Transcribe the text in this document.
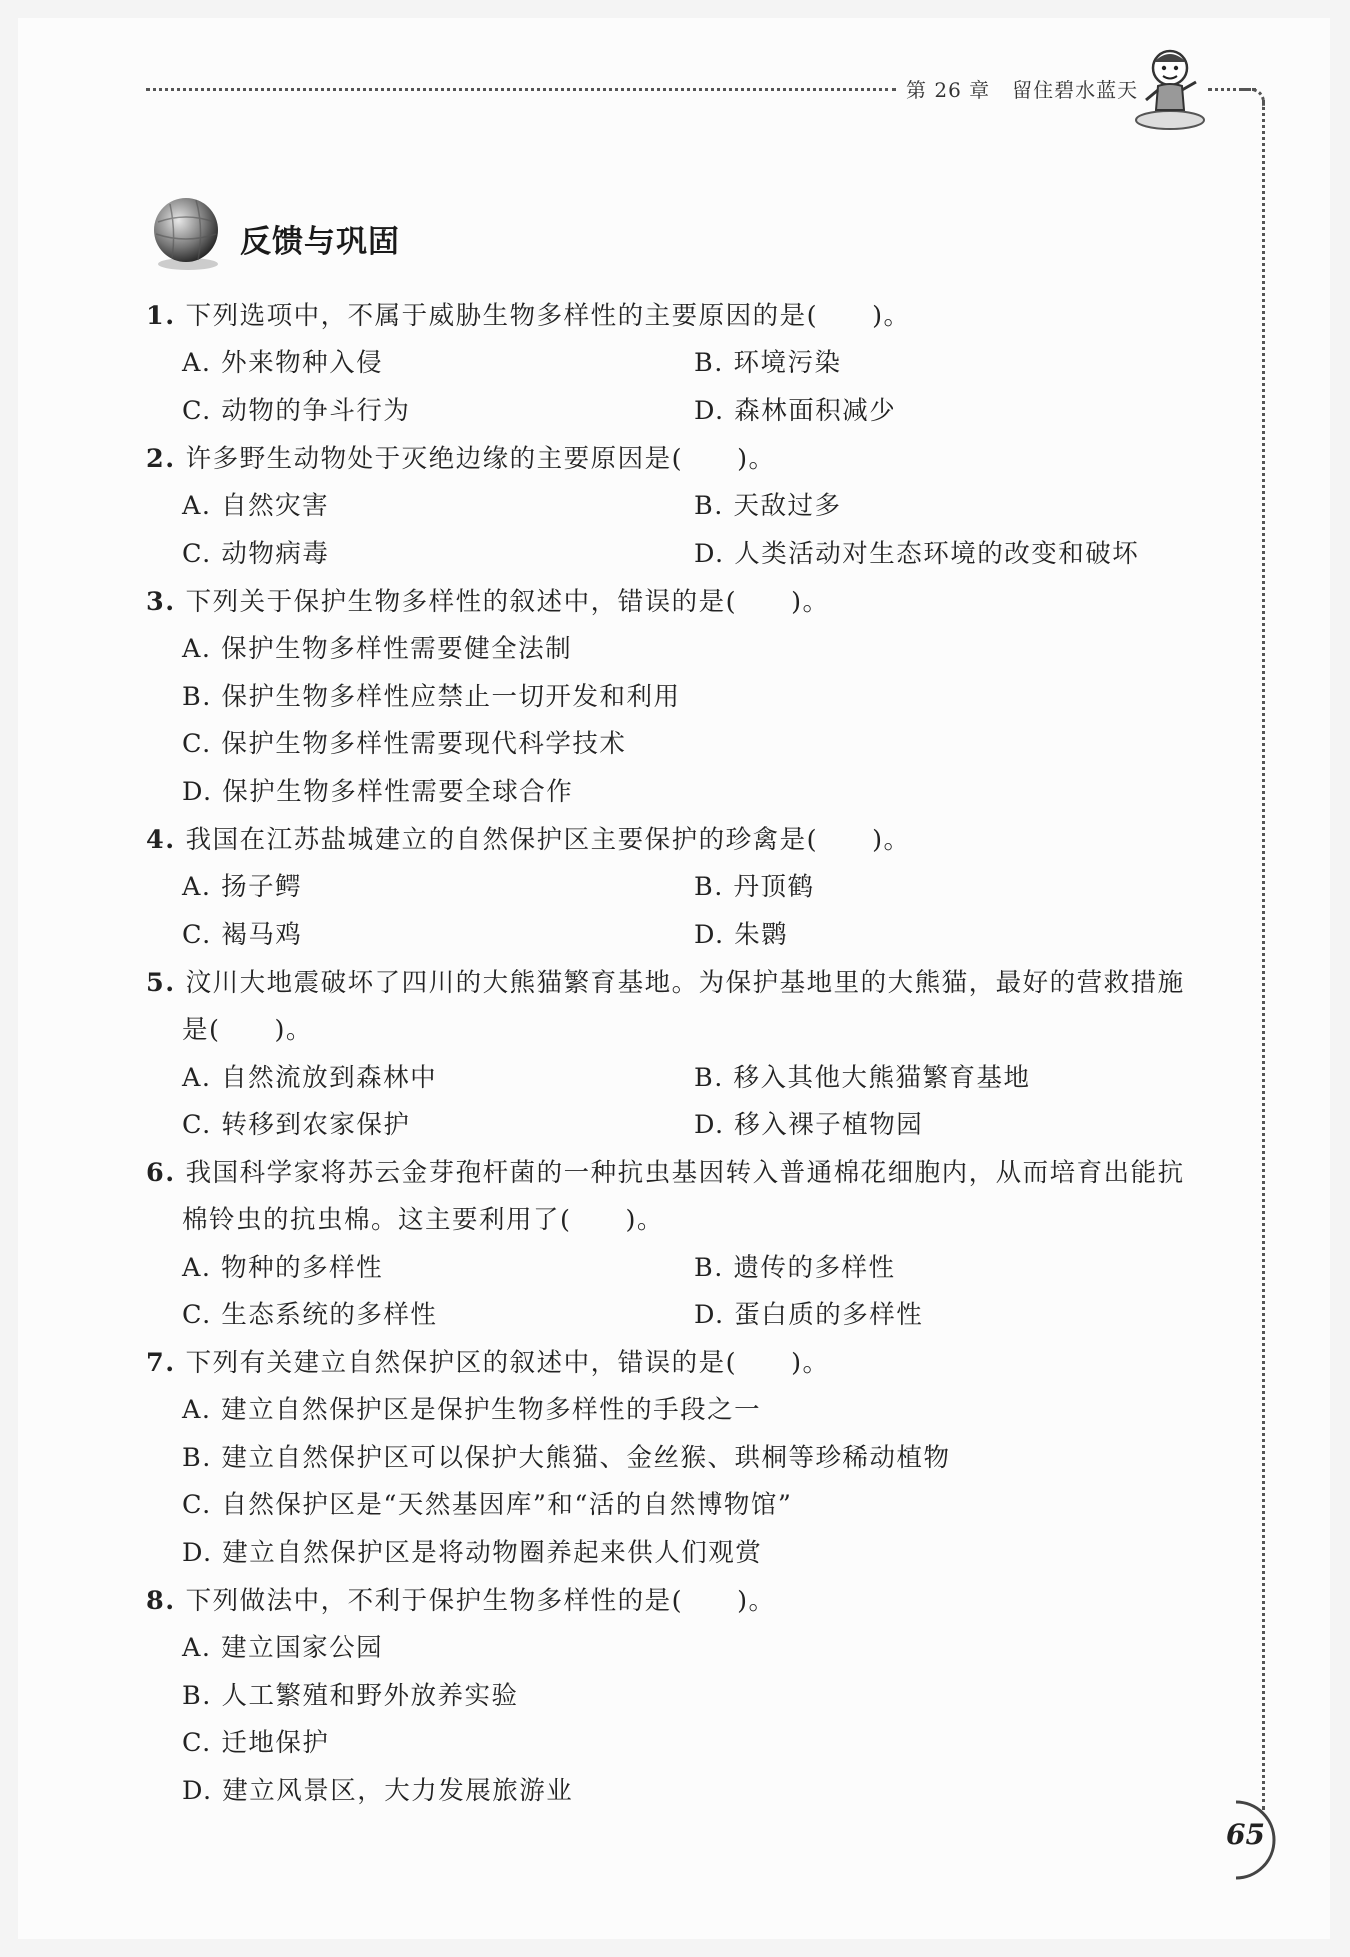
第 26 章 留住碧水蓝天
反馈与巩固
1. 下列选项中，不属于威胁生物多样性的主要原因的是(　　)。
A. 外来物种入侵	B. 环境污染
C. 动物的争斗行为	D. 森林面积减少
2. 许多野生动物处于灭绝边缘的主要原因是(　　)。
A. 自然灾害	B. 天敌过多
C. 动物病毒	D. 人类活动对生态环境的改变和破坏
3. 下列关于保护生物多样性的叙述中，错误的是(　　)。
A. 保护生物多样性需要健全法制
B. 保护生物多样性应禁止一切开发和利用
C. 保护生物多样性需要现代科学技术
D. 保护生物多样性需要全球合作
4. 我国在江苏盐城建立的自然保护区主要保护的珍禽是(　　)。
A. 扬子鳄	B. 丹顶鹤
C. 褐马鸡	D. 朱鹮
5. 汶川大地震破坏了四川的大熊猫繁育基地。为保护基地里的大熊猫，最好的营救措施
是(　　)。
A. 自然流放到森林中	B. 移入其他大熊猫繁育基地
C. 转移到农家保护	D. 移入裸子植物园
6. 我国科学家将苏云金芽孢杆菌的一种抗虫基因转入普通棉花细胞内，从而培育出能抗
棉铃虫的抗虫棉。这主要利用了(　　)。
A. 物种的多样性	B. 遗传的多样性
C. 生态系统的多样性	D. 蛋白质的多样性
7. 下列有关建立自然保护区的叙述中，错误的是(　　)。
A. 建立自然保护区是保护生物多样性的手段之一
B. 建立自然保护区可以保护大熊猫、金丝猴、珙桐等珍稀动植物
C. 自然保护区是“天然基因库”和“活的自然博物馆”
D. 建立自然保护区是将动物圈养起来供人们观赏
8. 下列做法中，不利于保护生物多样性的是(　　)。
A. 建立国家公园
B. 人工繁殖和野外放养实验
C. 迁地保护
D. 建立风景区，大力发展旅游业
65
